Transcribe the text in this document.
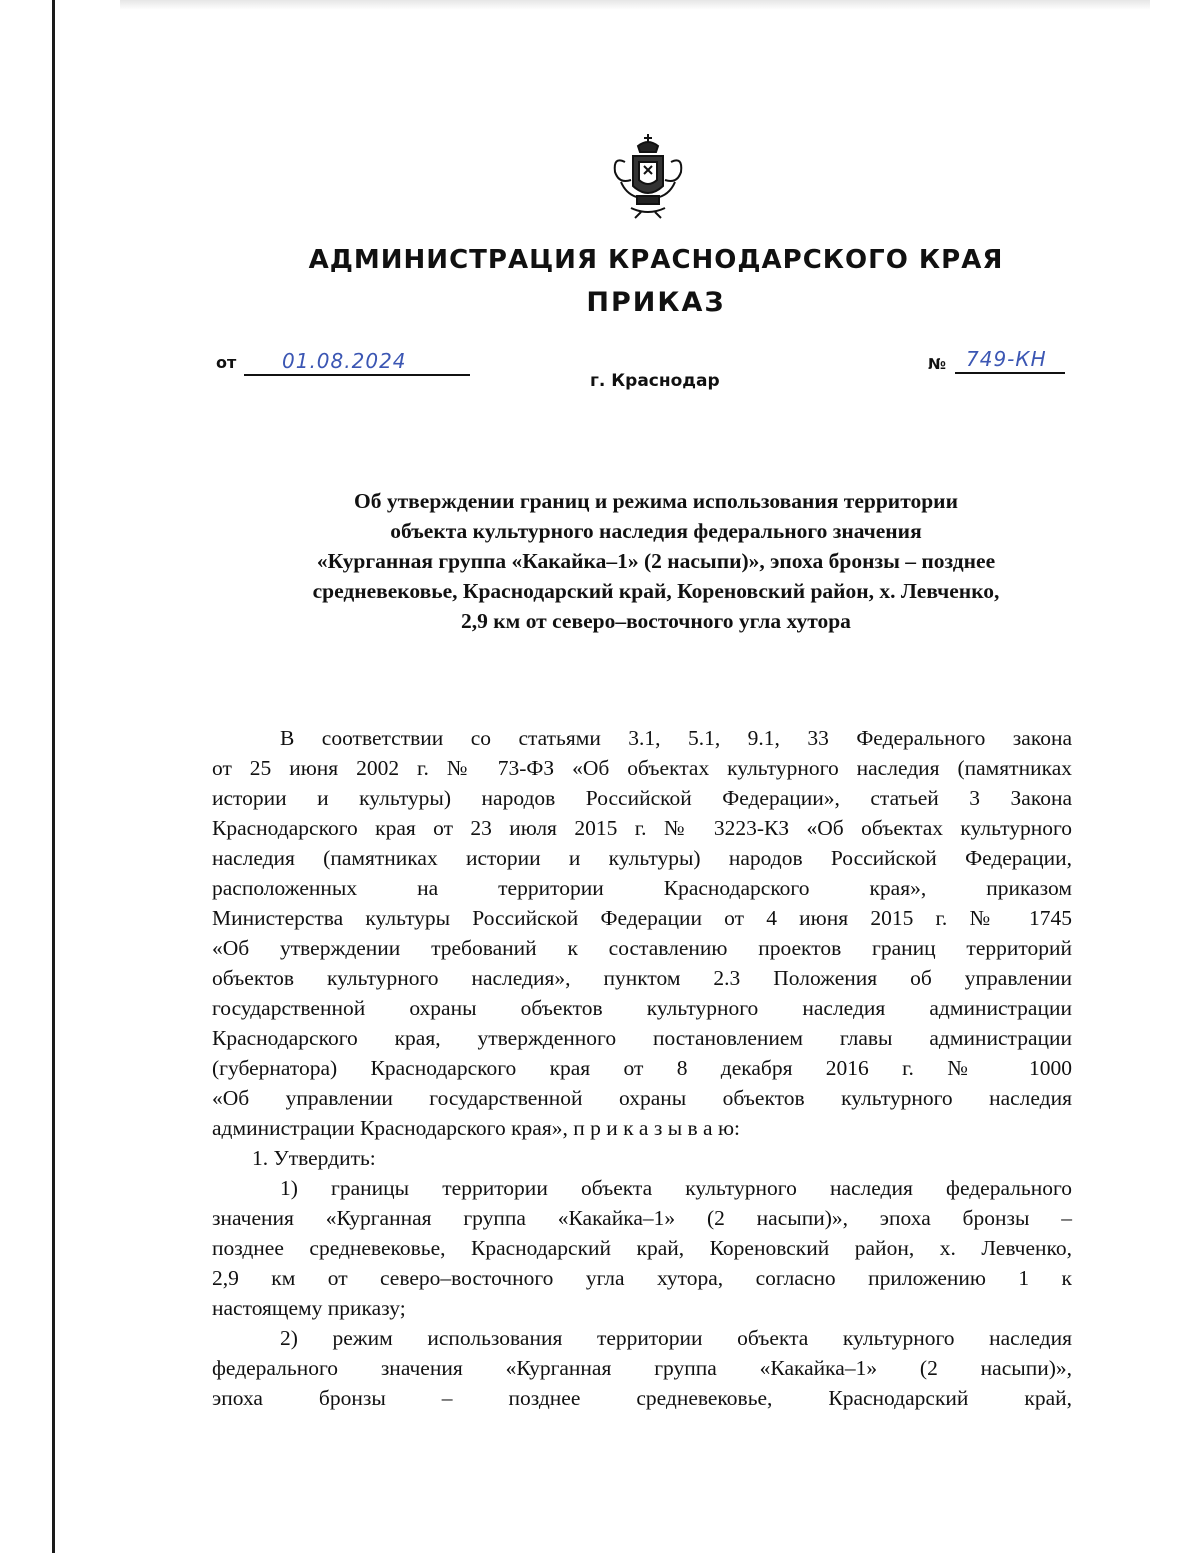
АДМИНИСТРАЦИЯ КРАСНОДАРСКОГО КРАЯ
ПРИКАЗ
от 01.08.2024	№ 749-КН
г. Краснодар
Об утверждении границ и режима использования территории
объекта культурного наследия федерального значения
«Курганная группа «Какайка–1» (2 насыпи)», эпоха бронзы – позднее
средневековье, Краснодарский край, Кореновский район, х. Левченко,
2,9 км от северо–восточного угла хутора
В соответствии со статьями 3.1, 5.1, 9.1, 33 Федерального закона
от 25 июня 2002 г. № 73-ФЗ «Об объектах культурного наследия (памятниках
истории и культуры) народов Российской Федерации», статьей 3 Закона
Краснодарского края от 23 июля 2015 г. № 3223-КЗ «Об объектах культурного
наследия (памятниках истории и культуры) народов Российской Федерации,
расположенных на территории Краснодарского края», приказом
Министерства культуры Российской Федерации от 4 июня 2015 г. № 1745
«Об утверждении требований к составлению проектов границ территорий
объектов культурного наследия», пунктом 2.3 Положения об управлении
государственной охраны объектов культурного наследия администрации
Краснодарского края, утвержденного постановлением главы администрации
(губернатора) Краснодарского края от 8 декабря 2016 г. № 1000
«Об управлении государственной охраны объектов культурного наследия
администрации Краснодарского края», п р и к а з ы в а ю:
1. Утвердить:
1) границы территории объекта культурного наследия федерального
значения «Курганная группа «Какайка–1» (2 насыпи)», эпоха бронзы –
позднее средневековье, Краснодарский край, Кореновский район, х. Левченко,
2,9 км от северо–восточного угла хутора, согласно приложению 1 к
настоящему приказу;
2) режим использования территории объекта культурного наследия
федерального значения «Курганная группа «Какайка–1» (2 насыпи)»,
эпоха бронзы – позднее средневековье, Краснодарский край,
